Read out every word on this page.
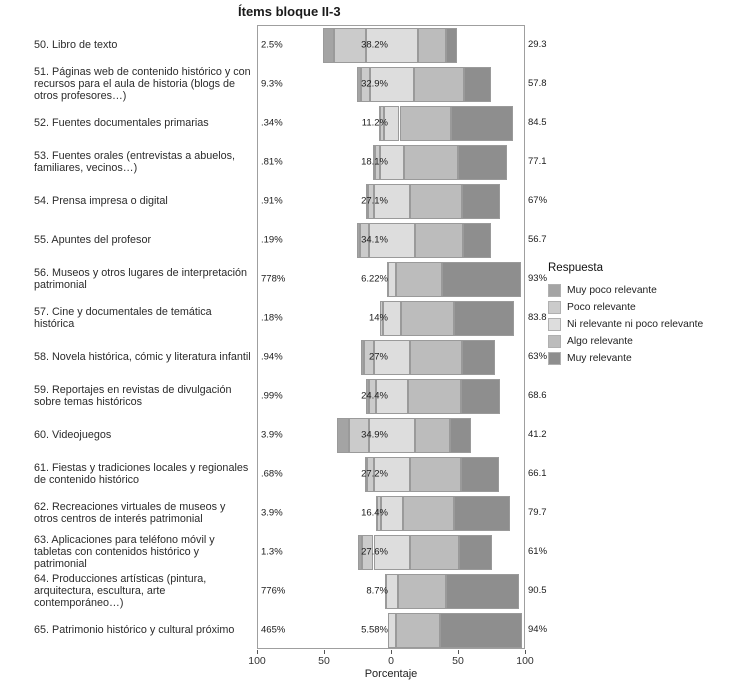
Ítems bloque II-3
50. Libro de texto
51. Páginas web de contenido histórico y con recursos para el aula de historia (blogs de otros profesores…)
52. Fuentes documentales primarias
53. Fuentes orales (entrevistas a abuelos, familiares, vecinos…)
54. Prensa impresa o digital
55. Apuntes del profesor
56. Museos y otros lugares de interpretación patrimonial
57. Cine y documentales de temática histórica
58. Novela histórica, cómic y literatura infantil
59. Reportajes en revistas de divulgación sobre temas históricos
60. Videojuegos
61. Fiestas y tradiciones locales y regionales de contenido histórico
62. Recreaciones virtuales de museos y otros centros de interés patrimonial
63. Aplicaciones para teléfono móvil y tabletas con contenidos histórico y patrimonial
64. Producciones artísticas (pintura, arquitectura, escultura, arte contemporáneo…)
65. Patrimonio histórico y cultural próximo
2.5%	38.2%
9.3%	32.9%
.34%	11.2%
.81%	18.1%
.91%	27.1%
.19%	34.1%
778%	6.22%
.18%	14%
.94%	27%
.99%	24.4%
3.9%	34.9%
.68%	27.2%
3.9%	16.4%
1.3%	27.6%
776%	8.7%
465%	5.58%
29.3
57.8
84.5
77.1
67%
56.7
93%
83.8
63%
68.6
41.2
66.1
79.7
61%
90.5
94%
100	50	0	50	100
Porcentaje
Respuesta
Muy poco relevante
Poco relevante
Ni relevante ni poco relevante
Algo relevante
Muy relevante
